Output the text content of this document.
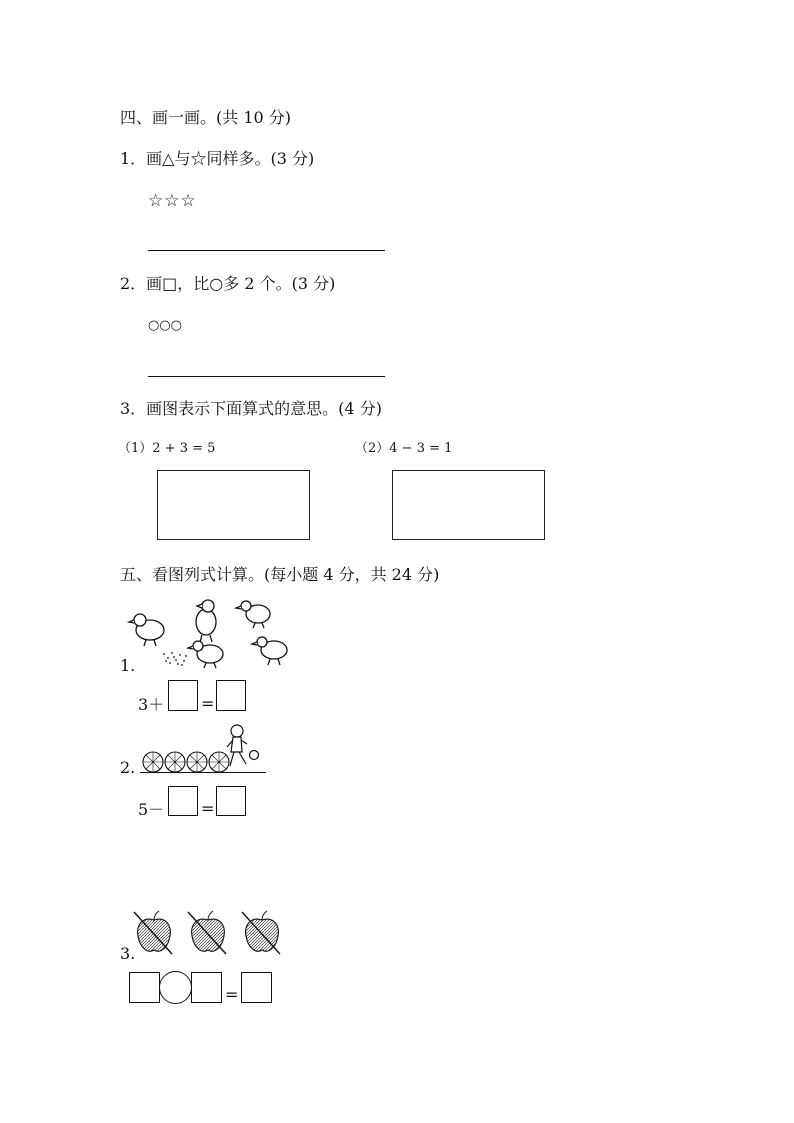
四、画一画。(共 10 分)
1．画△与☆同样多。(3 分)
☆☆☆
2．画□，比○多 2 个。(3 分)
○○○
3．画图表示下面算式的意思。(4 分)
（1）2 + 3 = 5	（2）4 − 3 = 1
五、看图列式计算。(每小题 4 分，共 24 分)
1.
3＋ =
2.
5－ =
3.
=
